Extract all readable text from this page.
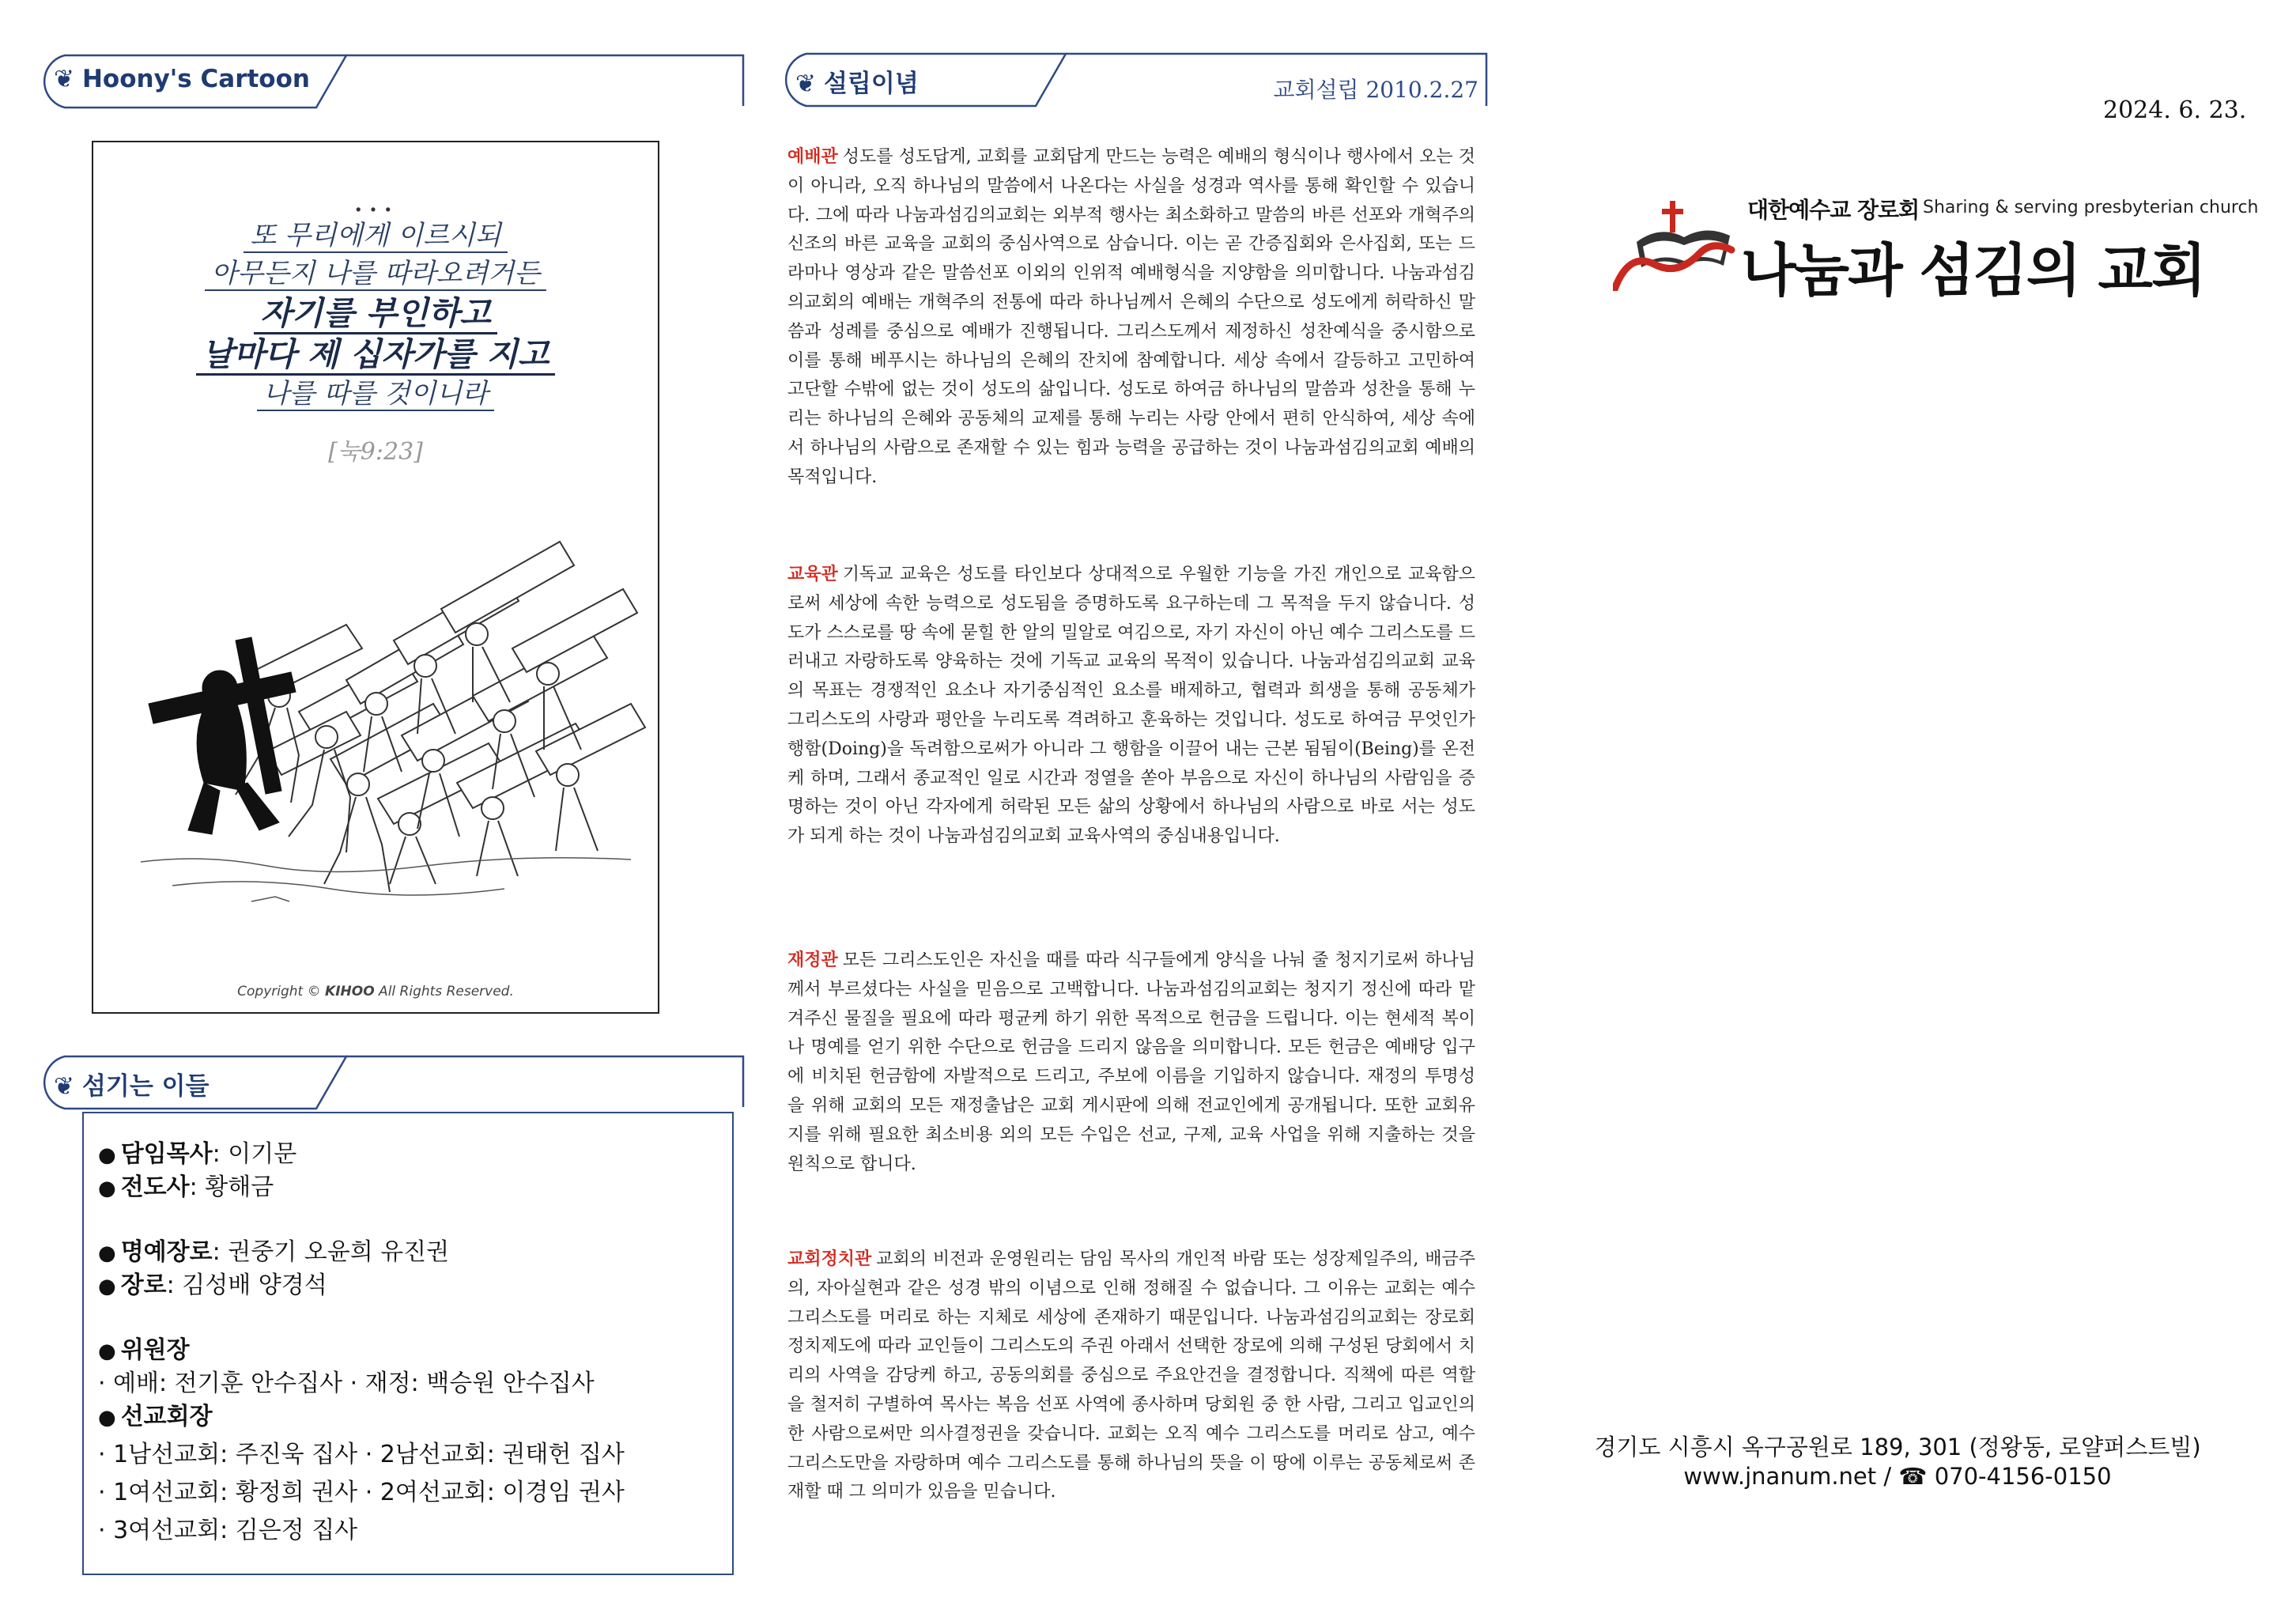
❦ Hoony's Cartoon
...
또 무리에게 이르시되
아무든지 나를 따라오려거든
자기를 부인하고
날마다 제 십자가를 지고
나를 따를 것이니라
[눅9:23]
Copyright © KIHOO All Rights Reserved.
❦ 섬기는 이들
● 담임목사: 이기문
● 전도사: 황해금
● 명예장로: 권중기 오윤희 유진권
● 장로: 김성배 양경석
● 위원장
· 예배: 전기훈 안수집사 · 재정: 백승원 안수집사
● 선교회장
· 1남선교회: 주진욱 집사 · 2남선교회: 권태헌 집사
· 1여선교회: 황정희 권사 · 2여선교회: 이경임 권사
· 3여선교회: 김은정 집사
❦ 설립이념	교회설립 2010.2.27
예배관 성도를 성도답게, 교회를 교회답게 만드는 능력은 예배의 형식이나 행사에서 오는 것이 아니라, 오직 하나님의 말씀에서 나온다는 사실을 성경과 역사를 통해 확인할 수 있습니다. 그에 따라 나눔과섬김의교회는 외부적 행사는 최소화하고 말씀의 바른 선포와 개혁주의 신조의 바른 교육을 교회의 중심사역으로 삼습니다. 이는 곧 간증집회와 은사집회, 또는 드라마나 영상과 같은 말씀선포 이외의 인위적 예배형식을 지양함을 의미합니다. 나눔과섬김의교회의 예배는 개혁주의 전통에 따라 하나님께서 은혜의 수단으로 성도에게 허락하신 말씀과 성례를 중심으로 예배가 진행됩니다. 그리스도께서 제정하신 성찬예식을 중시함으로 이를 통해 베푸시는 하나님의 은혜의 잔치에 참예합니다. 세상 속에서 갈등하고 고민하여 고단할 수밖에 없는 것이 성도의 삶입니다. 성도로 하여금 하나님의 말씀과 성찬을 통해 누리는 하나님의 은혜와 공동체의 교제를 통해 누리는 사랑 안에서 편히 안식하여, 세상 속에서 하나님의 사람으로 존재할 수 있는 힘과 능력을 공급하는 것이 나눔과섬김의교회 예배의 목적입니다.
교육관 기독교 교육은 성도를 타인보다 상대적으로 우월한 기능을 가진 개인으로 교육함으로써 세상에 속한 능력으로 성도됨을 증명하도록 요구하는데 그 목적을 두지 않습니다. 성도가 스스로를 땅 속에 묻힐 한 알의 밀알로 여김으로, 자기 자신이 아닌 예수 그리스도를 드러내고 자랑하도록 양육하는 것에 기독교 교육의 목적이 있습니다. 나눔과섬김의교회 교육의 목표는 경쟁적인 요소나 자기중심적인 요소를 배제하고, 협력과 희생을 통해 공동체가 그리스도의 사랑과 평안을 누리도록 격려하고 훈육하는 것입니다. 성도로 하여금 무엇인가 행함(Doing)을 독려함으로써가 아니라 그 행함을 이끌어 내는 근본 됨됨이(Being)를 온전케 하며, 그래서 종교적인 일로 시간과 정열을 쏟아 부음으로 자신이 하나님의 사람임을 증명하는 것이 아닌 각자에게 허락된 모든 삶의 상황에서 하나님의 사람으로 바로 서는 성도가 되게 하는 것이 나눔과섬김의교회 교육사역의 중심내용입니다.
재정관 모든 그리스도인은 자신을 때를 따라 식구들에게 양식을 나눠 줄 청지기로써 하나님께서 부르셨다는 사실을 믿음으로 고백합니다. 나눔과섬김의교회는 청지기 정신에 따라 맡겨주신 물질을 필요에 따라 평균케 하기 위한 목적으로 헌금을 드립니다. 이는 현세적 복이나 명예를 얻기 위한 수단으로 헌금을 드리지 않음을 의미합니다. 모든 헌금은 예배당 입구에 비치된 헌금함에 자발적으로 드리고, 주보에 이름을 기입하지 않습니다. 재정의 투명성을 위해 교회의 모든 재정출납은 교회 게시판에 의해 전교인에게 공개됩니다. 또한 교회유지를 위해 필요한 최소비용 외의 모든 수입은 선교, 구제, 교육 사업을 위해 지출하는 것을 원칙으로 합니다.
교회정치관 교회의 비전과 운영원리는 담임 목사의 개인적 바람 또는 성장제일주의, 배금주의, 자아실현과 같은 성경 밖의 이념으로 인해 정해질 수 없습니다. 그 이유는 교회는 예수 그리스도를 머리로 하는 지체로 세상에 존재하기 때문입니다. 나눔과섬김의교회는 장로회정치제도에 따라 교인들이 그리스도의 주권 아래서 선택한 장로에 의해 구성된 당회에서 치리의 사역을 감당케 하고, 공동의회를 중심으로 주요안건을 결정합니다. 직책에 따른 역할을 철저히 구별하여 목사는 복음 선포 사역에 종사하며 당회원 중 한 사람, 그리고 입교인의 한 사람으로써만 의사결정권을 갖습니다. 교회는 오직 예수 그리스도를 머리로 삼고, 예수 그리스도만을 자랑하며 예수 그리스도를 통해 하나님의 뜻을 이 땅에 이루는 공동체로써 존재할 때 그 의미가 있음을 믿습니다.
2024. 6. 23.
대한예수교 장로회 Sharing & serving presbyterian church
나눔과 섬김의 교회
경기도 시흥시 옥구공원로 189, 301 (정왕동, 로얄퍼스트빌)
www.jnanum.net / ☎ 070-4156-0150
